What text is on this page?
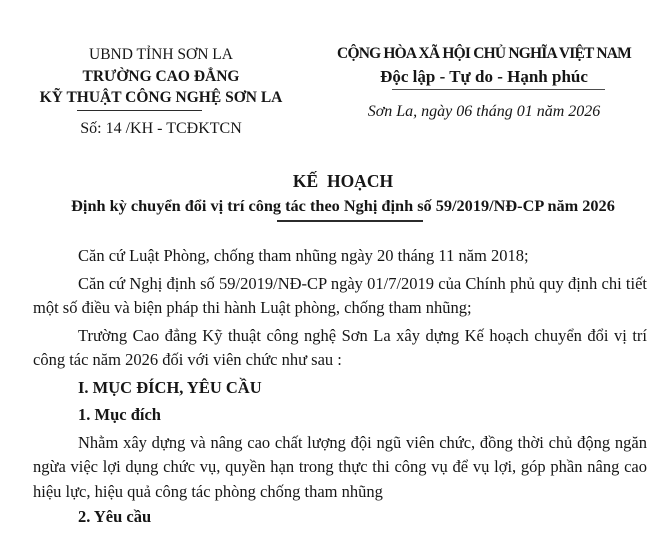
UBND TỈNH SƠN LA
TRƯỜNG CAO ĐẲNG
KỸ THUẬT CÔNG NGHỆ SƠN LA
Số: 14 /KH - TCĐKTCN
CỘNG HÒA XÃ HỘI CHỦ NGHĨA VIỆT NAM
Độc lập - Tự do - Hạnh phúc
Sơn La, ngày 06 tháng 01 năm 2026
KẾ  HOẠCH
Định kỳ chuyển đổi vị trí công tác theo Nghị định số 59/2019/NĐ-CP năm 2026

Căn cứ Luật Phòng, chống tham nhũng ngày 20 tháng 11 năm 2018;

Căn cứ Nghị định số 59/2019/NĐ-CP ngày 01/7/2019 của Chính phủ quy định chi tiết một số điều và biện pháp thi hành Luật phòng, chống tham nhũng;

Trường Cao đẳng Kỹ thuật công nghệ Sơn La xây dựng Kế hoạch chuyển đổi vị trí công tác năm 2026 đối với viên chức như sau :

I. MỤC ĐÍCH, YÊU CẦU
1. Mục đích

Nhằm xây dựng và nâng cao chất lượng đội ngũ viên chức, đồng thời chủ động ngăn ngừa việc lợi dụng chức vụ, quyền hạn trong thực thi công vụ để vụ lợi, góp phần nâng cao hiệu lực, hiệu quả công tác phòng chống tham nhũng

2. Yêu cầu
